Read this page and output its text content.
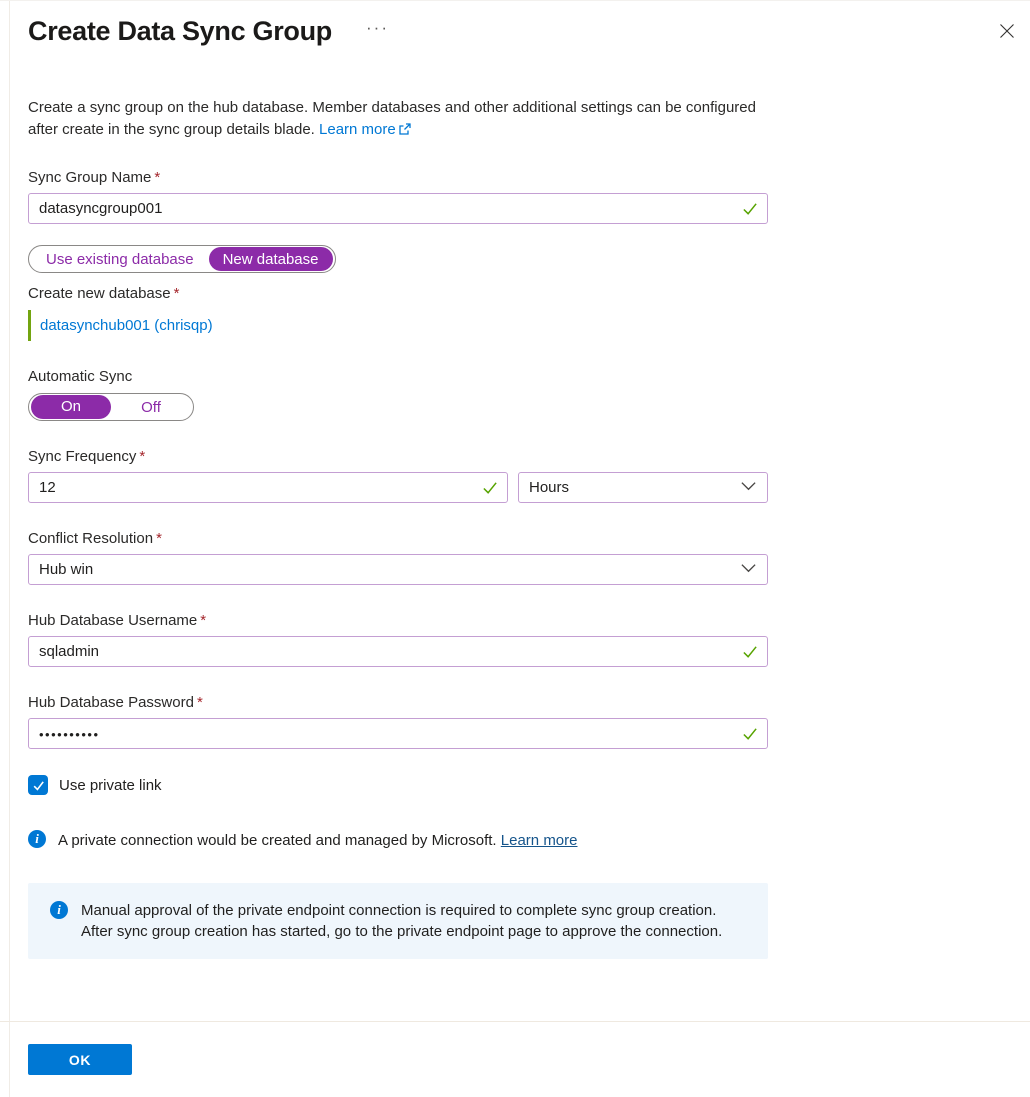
Create Data Sync Group ···

Create a sync group on the hub database. Member databases and other additional settings can be configured after create in the sync group details blade. Learn more

Sync Group Name *
datasyncgroup001
Use existing database	New database
Create new database *
datasynchub001 (chrisqp)
Automatic Sync
On	Off
Sync Frequency *
12
Hours
Conflict Resolution *
Hub win
Hub Database Username *
sqladmin
Hub Database Password *
••••••••••
Use private link
i	A private connection would be created and managed by Microsoft. Learn more
i	Manual approval of the private endpoint connection is required to complete sync group creation. After sync group creation has started, go to the private endpoint page to approve the connection.
OK
